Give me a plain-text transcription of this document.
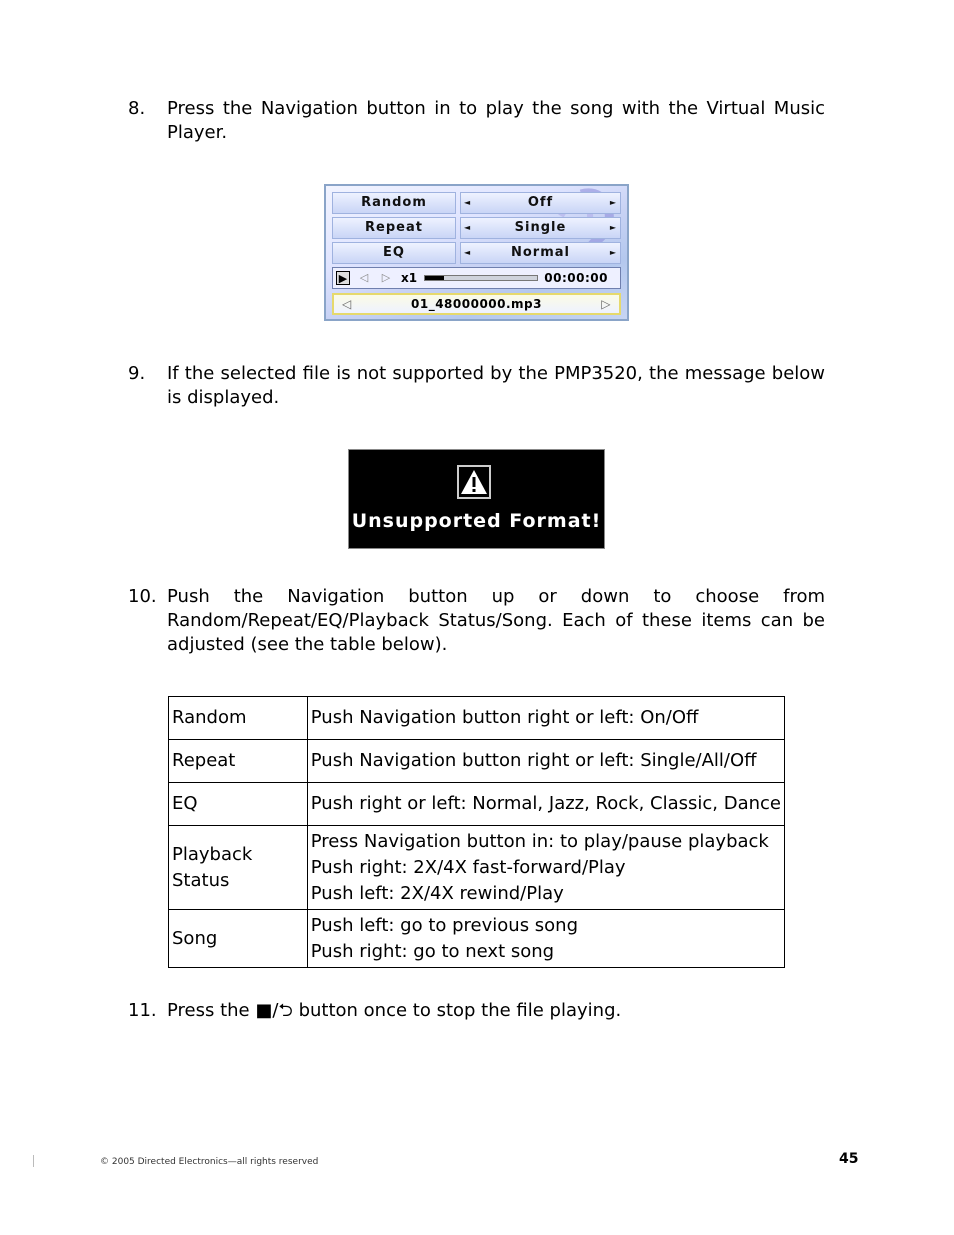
8. Press the Navigation button in to play the song with the Virtual Music Player.

Random	◄	Off	►
Repeat	◄	Single	►
EQ	◄	Normal	►
▶ ◁ ▷ x1	00:00:00
◁	01_48000000.mp3	▷
9. If the selected file is not supported by the PMP3520, the message below is displayed.

Unsupported Format!
10. Push the Navigation button up or down to choose from Random/Repeat/EQ/Playback Status/Song. Each of these items can be adjusted (see the table below).

Random	Push Navigation button right or left: On/Off

Repeat	Push Navigation button right or left: Single/All/Off

EQ	Push right or left: Normal, Jazz, Rock, Classic, Dance

Playback Status	Press Navigation button in: to play/pause playback
Push right: 2X/4X fast-forward/Play
Push left: 2X/4X rewind/Play

Song	Push left: go to previous song
Push right: go to next song
11. Press the ■/⮌ button once to stop the file playing.

© 2005 Directed Electronics—all rights reserved	45
